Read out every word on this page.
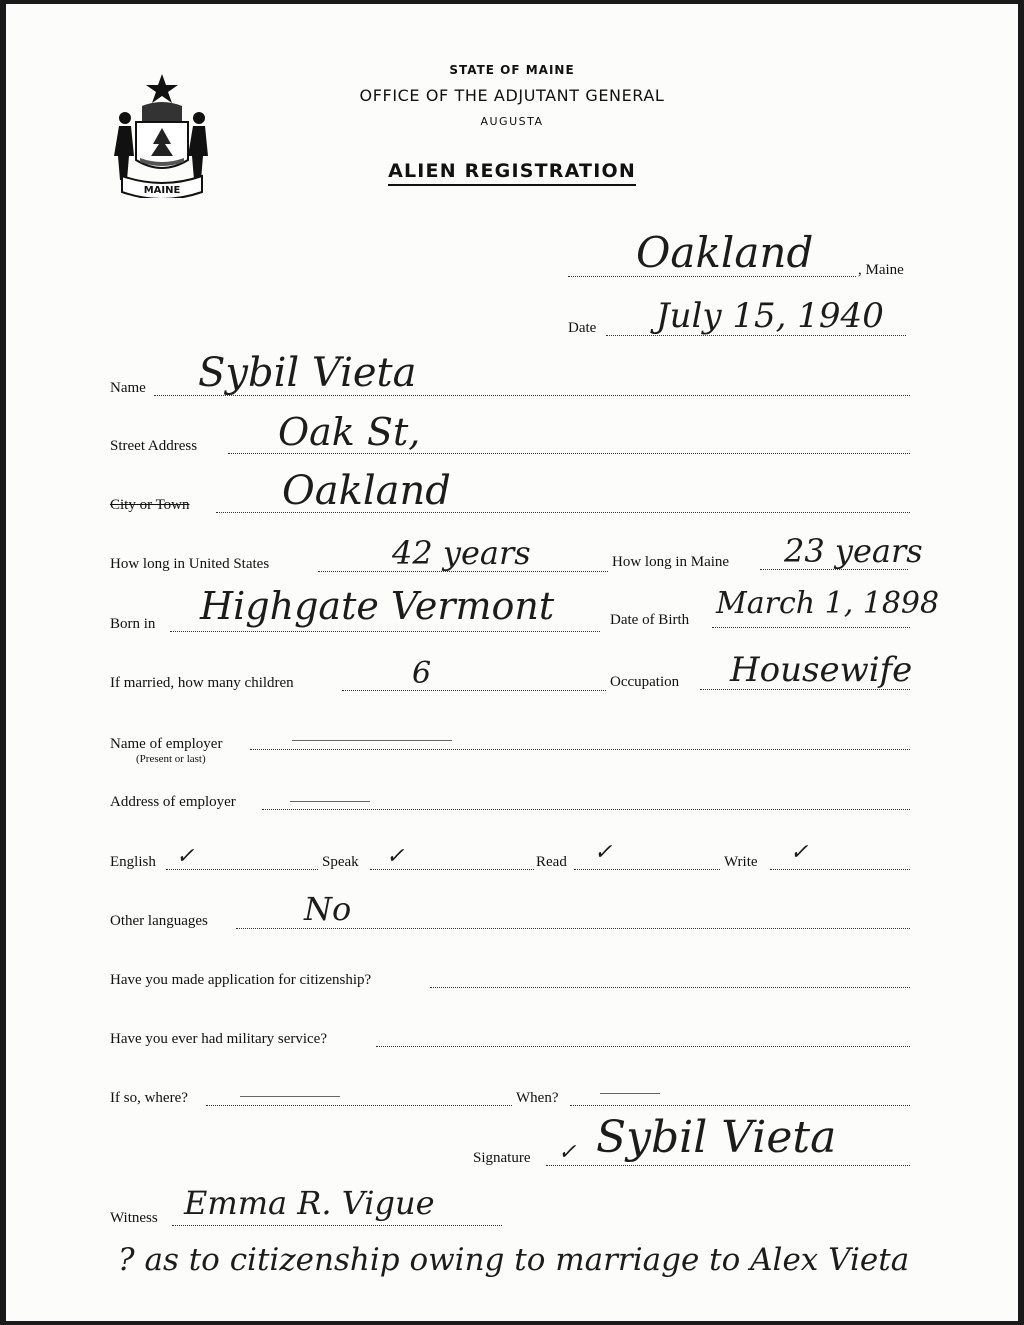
MAINE
STATE OF MAINE
OFFICE OF THE ADJUTANT GENERAL
AUGUSTA
ALIEN REGISTRATION
Oakland	, Maine
Date July 15, 1940
Name Sybil Vieta
Street Address Oak St,
City or Town Oakland
How long in United States	42 years	How long in Maine 23 years
Born in Highgate Vermont	Date of Birth March 1, 1898
If married, how many children	6	Occupation Housewife
Name of employer
(Present or last)
Address of employer
English ✓	Speak ✓	Read ✓	Write ✓
Other languages	No
Have you made application for citizenship?
Have you ever had military service?
If so, where?	When?
Signature ✓ Sybil Vieta
Witness Emma R. Vigue
? as to citizenship owing to marriage to Alex Vieta
